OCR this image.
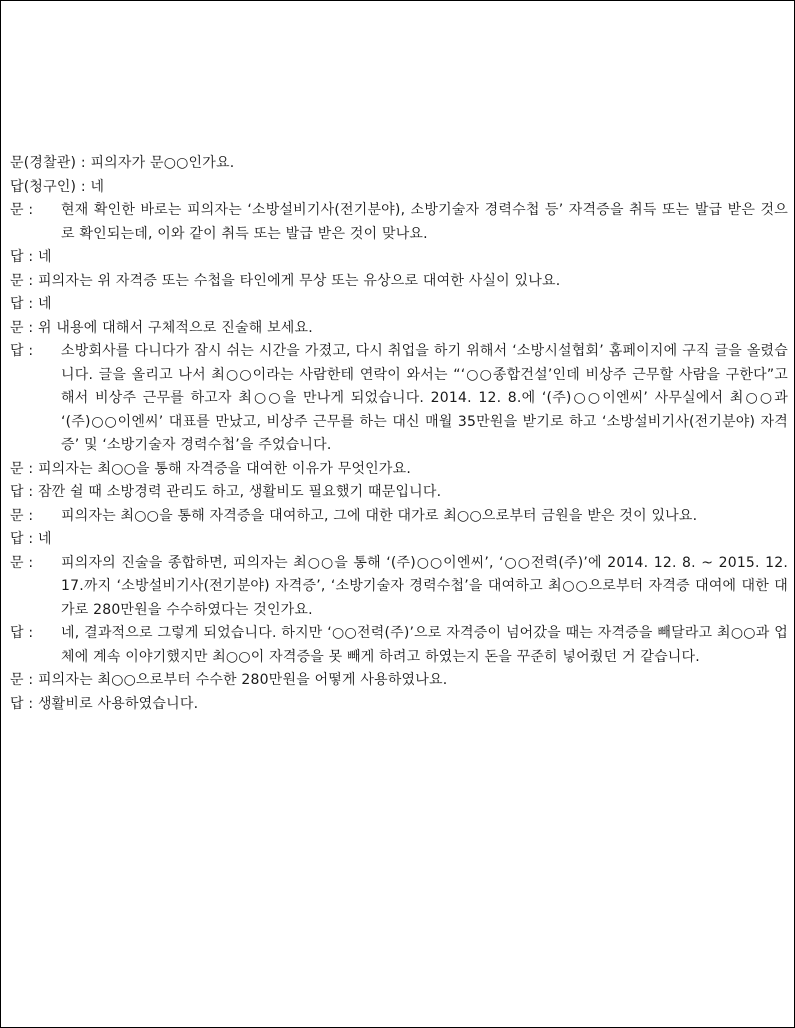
문(경찰관) : 피의자가 문○○인가요.
답(청구인) : 네
문 : 현재 확인한 바로는 피의자는 ‘소방설비기사(전기분야), 소방기술자 경력수첩 등’ 자격증을 취득 또는 발급 받은 것으로 확인되는데, 이와 같이 취득 또는 발급 받은 것이 맞나요.
답 : 네
문 : 피의자는 위 자격증 또는 수첩을 타인에게 무상 또는 유상으로 대여한 사실이 있나요.
답 : 네
문 : 위 내용에 대해서 구체적으로 진술해 보세요.
답 : 소방회사를 다니다가 잠시 쉬는 시간을 가졌고, 다시 취업을 하기 위해서 ‘소방시설협회’ 홈페이지에 구직 글을 올렸습니다. 글을 올리고 나서 최○○이라는 사람한테 연락이 와서는 “‘○○종합건설’인데 비상주 근무할 사람을 구한다”고 해서 비상주 근무를 하고자 최○○을 만나게 되었습니다. 2014. 12. 8.에 ‘(주)○○이엔씨’ 사무실에서 최○○과 ‘(주)○○이엔씨’ 대표를 만났고, 비상주 근무를 하는 대신 매월 35만원을 받기로 하고 ‘소방설비기사(전기분야) 자격증’ 및 ‘소방기술자 경력수첩’을 주었습니다.
문 : 피의자는 최○○을 통해 자격증을 대여한 이유가 무엇인가요.
답 : 잠깐 쉴 때 소방경력 관리도 하고, 생활비도 필요했기 때문입니다.
문 : 피의자는 최○○을 통해 자격증을 대여하고, 그에 대한 대가로 최○○으로부터 금원을 받은 것이 있나요.
답 : 네
문 : 피의자의 진술을 종합하면, 피의자는 최○○을 통해 ‘(주)○○이엔씨’, ‘○○전력(주)’에 2014. 12. 8. ~ 2015. 12. 17.까지 ‘소방설비기사(전기분야) 자격증’, ‘소방기술자 경력수첩’을 대여하고 최○○으로부터 자격증 대여에 대한 대가로 280만원을 수수하였다는 것인가요.
답 : 네, 결과적으로 그렇게 되었습니다. 하지만 ‘○○전력(주)’으로 자격증이 넘어갔을 때는 자격증을 빼달라고 최○○과 업체에 계속 이야기했지만 최○○이 자격증을 못 빼게 하려고 하였는지 돈을 꾸준히 넣어줬던 거 같습니다.
문 : 피의자는 최○○으로부터 수수한 280만원을 어떻게 사용하였나요.
답 : 생활비로 사용하였습니다.
